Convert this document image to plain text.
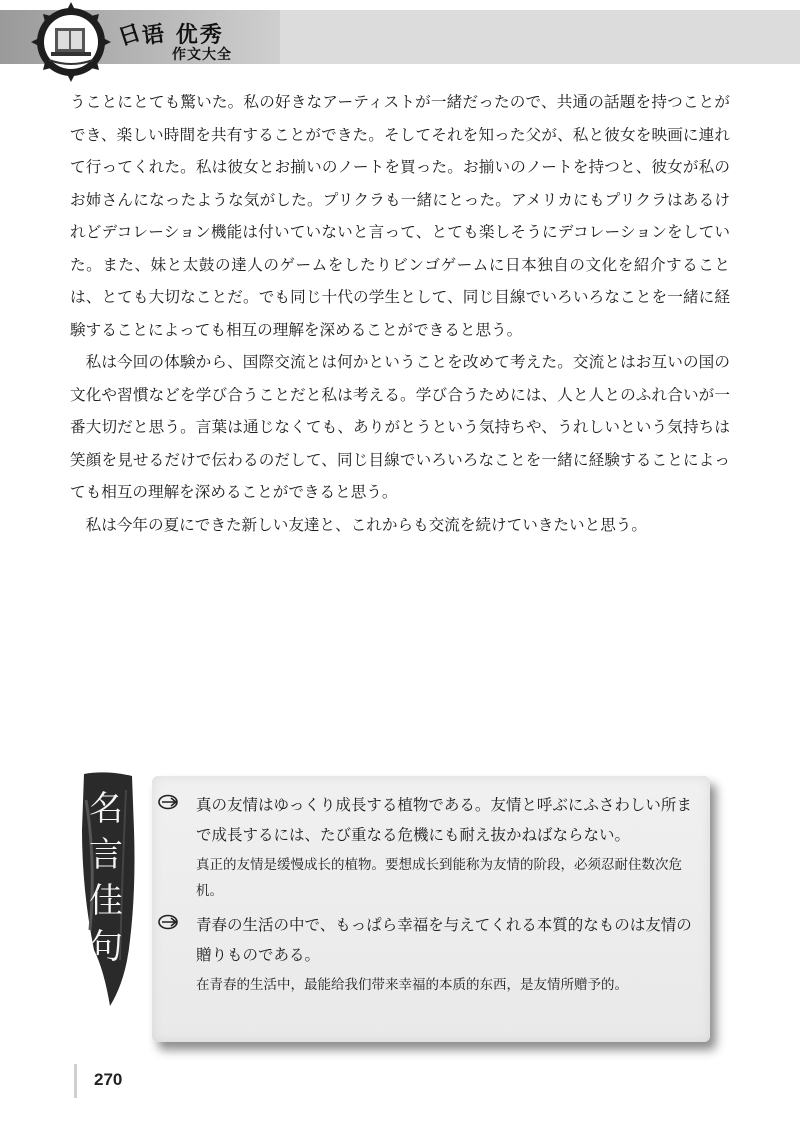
日语 优秀
作文大全

うことにとても驚いた。私の好きなアーティストが一緒だったので、共通の話題を持つことができ、楽しい時間を共有することができた。そしてそれを知った父が、私と彼女を映画に連れて行ってくれた。私は彼女とお揃いのノートを買った。お揃いのノートを持つと、彼女が私のお姉さんになったような気がした。プリクラも一緒にとった。アメリカにもプリクラはあるけれどデコレーション機能は付いていないと言って、とても楽しそうにデコレーションをしていた。また、妹と太鼓の達人のゲームをしたりビンゴゲームに日本独自の文化を紹介することは、とても大切なことだ。でも同じ十代の学生として、同じ目線でいろいろなことを一緒に経験することによっても相互の理解を深めることができると思う。

私は今回の体験から、国際交流とは何かということを改めて考えた。交流とはお互いの国の文化や習慣などを学び合うことだと私は考える。学び合うためには、人と人とのふれ合いが一番大切だと思う。言葉は通じなくても、ありがとうという気持ちや、うれしいという気持ちは笑顔を見せるだけで伝わるのだして、同じ目線でいろいろなことを一緒に経験することによっても相互の理解を深めることができると思う。

私は今年の夏にできた新しい友達と、これからも交流を続けていきたいと思う。

名
言
佳
句
真の友情はゆっくり成長する植物である。友情と呼ぶにふさわしい所まで成長するには、たび重なる危機にも耐え抜かねばならない。
真正的友情是缓慢成长的植物。要想成长到能称为友情的阶段，必须忍耐住数次危机。
青春の生活の中で、もっぱら幸福を与えてくれる本質的なものは友情の贈りものである。
在青春的生活中，最能给我们带来幸福的本质的东西，是友情所赠予的。
270
